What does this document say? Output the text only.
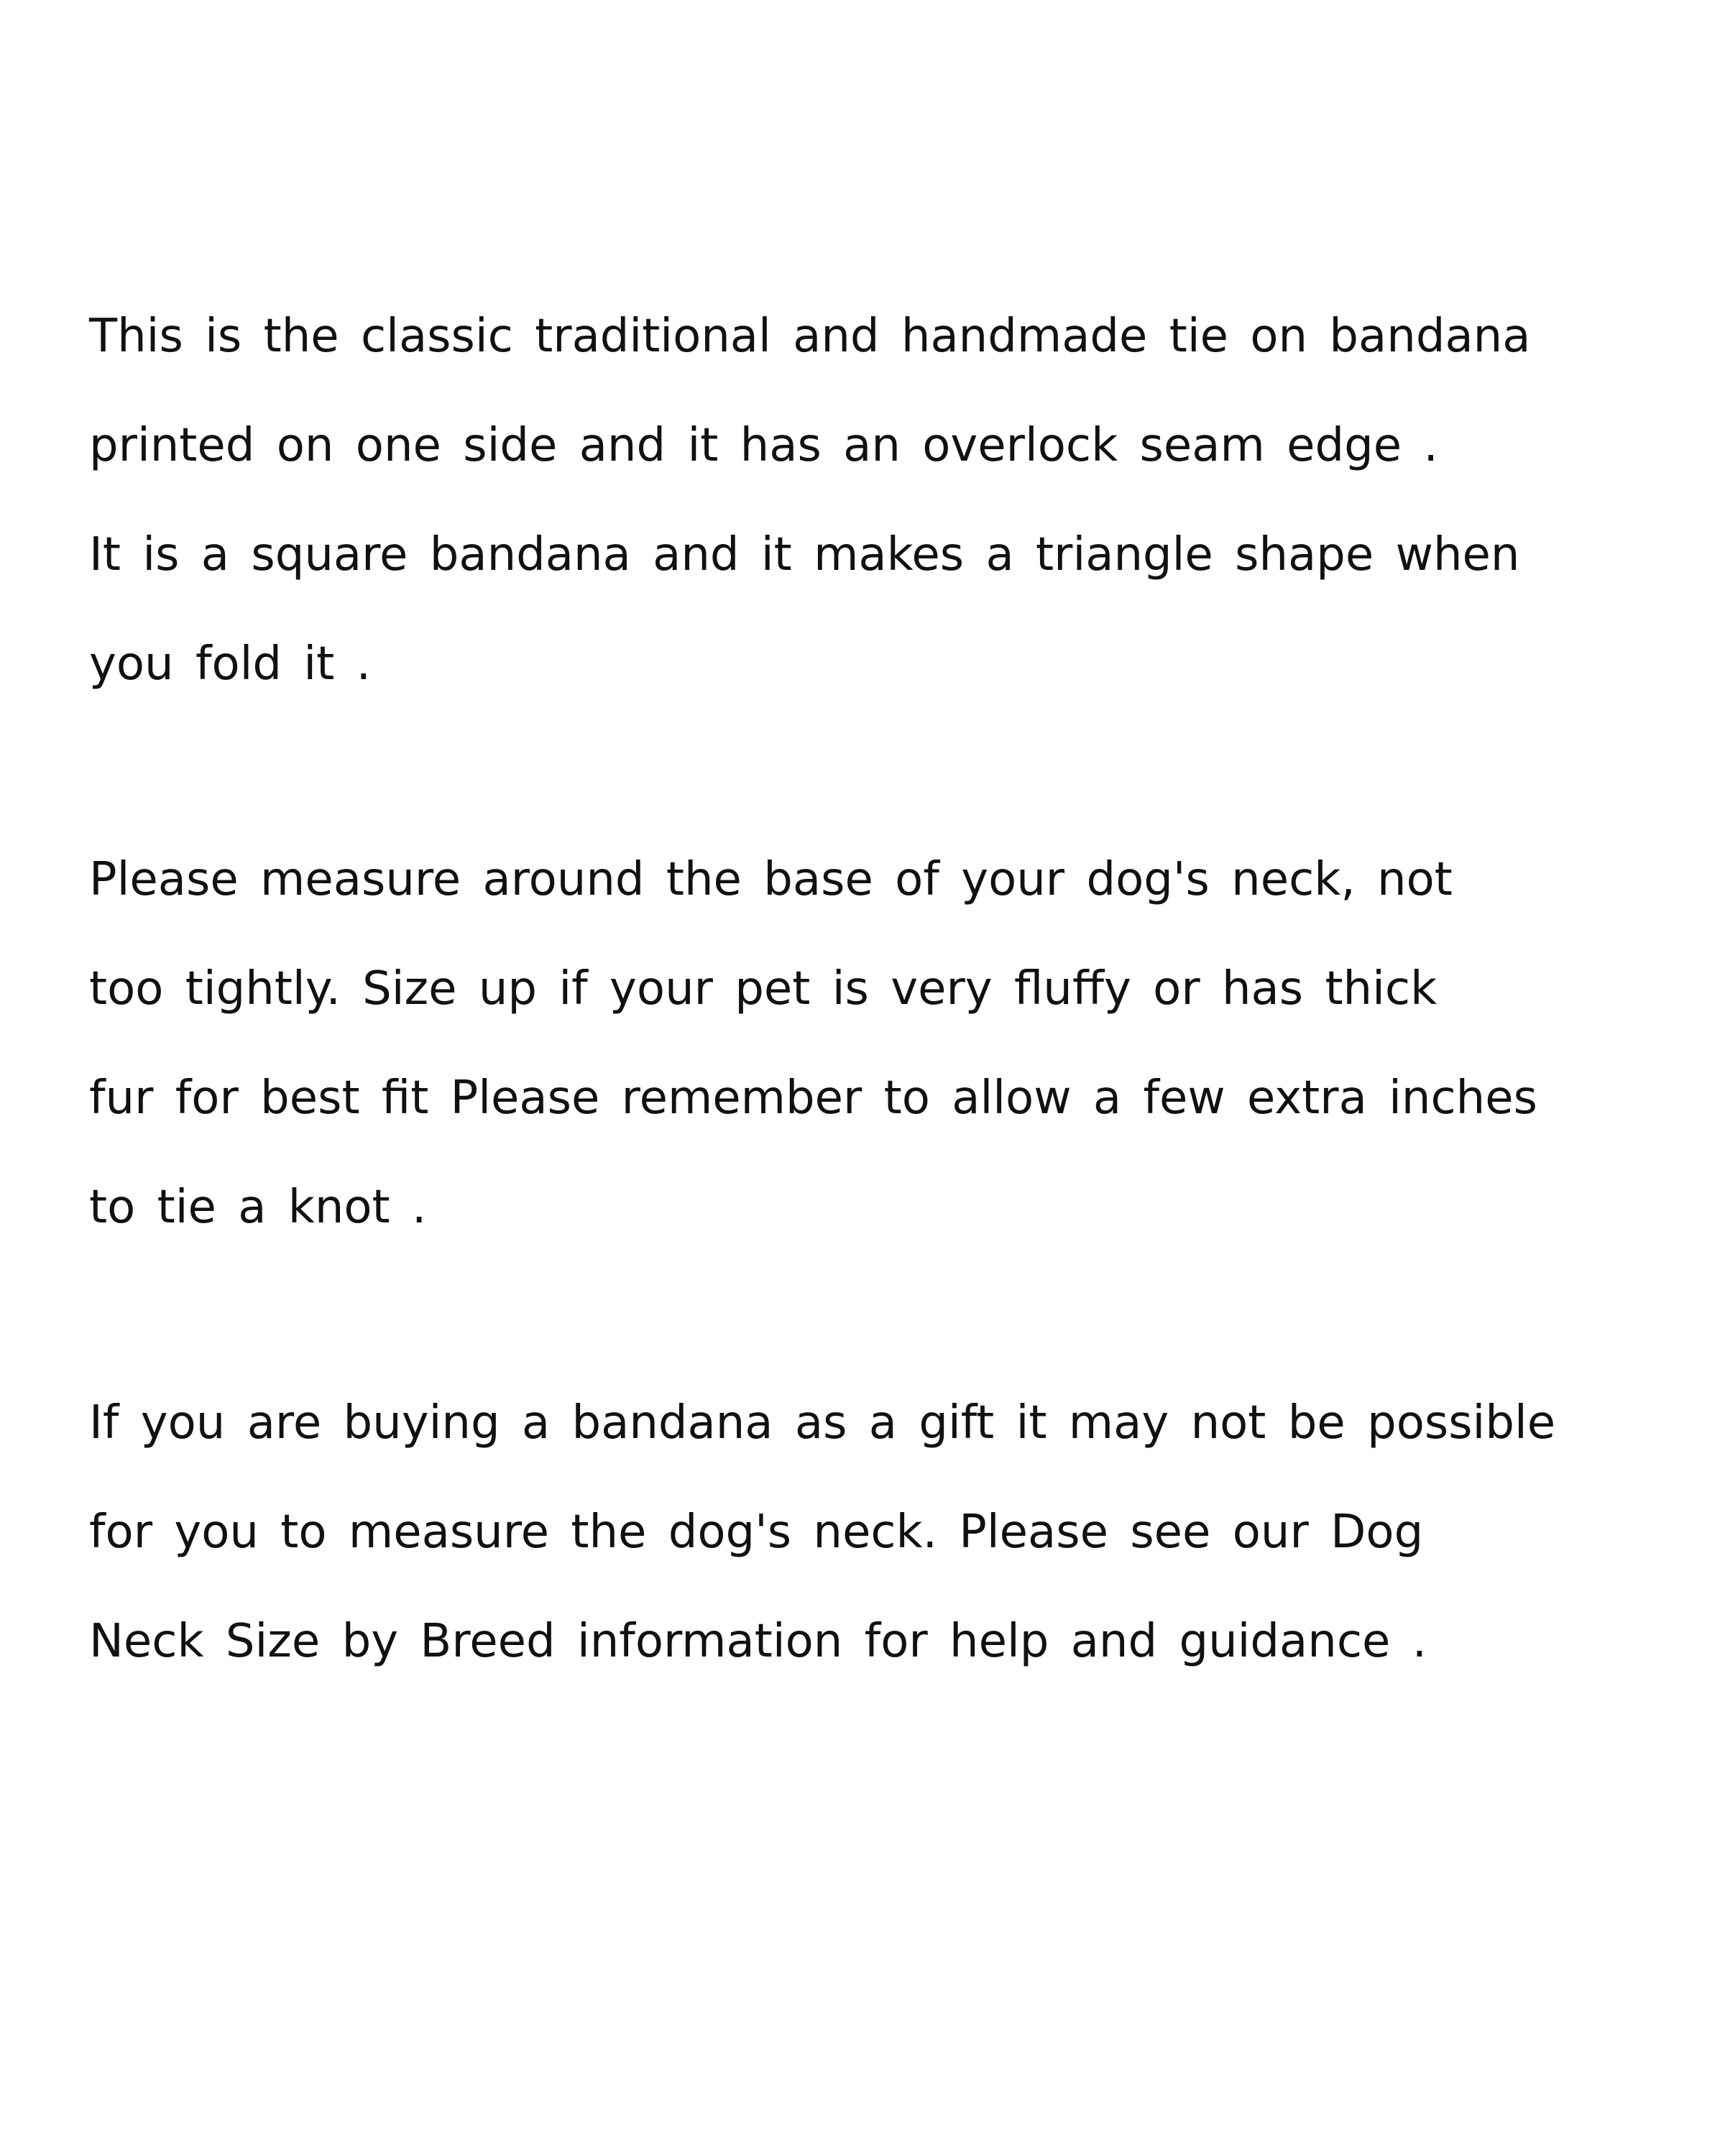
This is the classic traditional and handmade tie on bandana

printed on one side and it has an overlock seam edge .

It is a square bandana and it makes a triangle shape when

you fold it .

Please measure around the base of your dog's neck, not

too tightly. Size up if your pet is very fluffy or has thick

fur for best fit Please remember to allow a few extra inches

to tie a knot .

If you are buying a bandana as a gift it may not be possible

for you to measure the dog's neck. Please see our Dog

Neck Size by Breed information for help and guidance .
